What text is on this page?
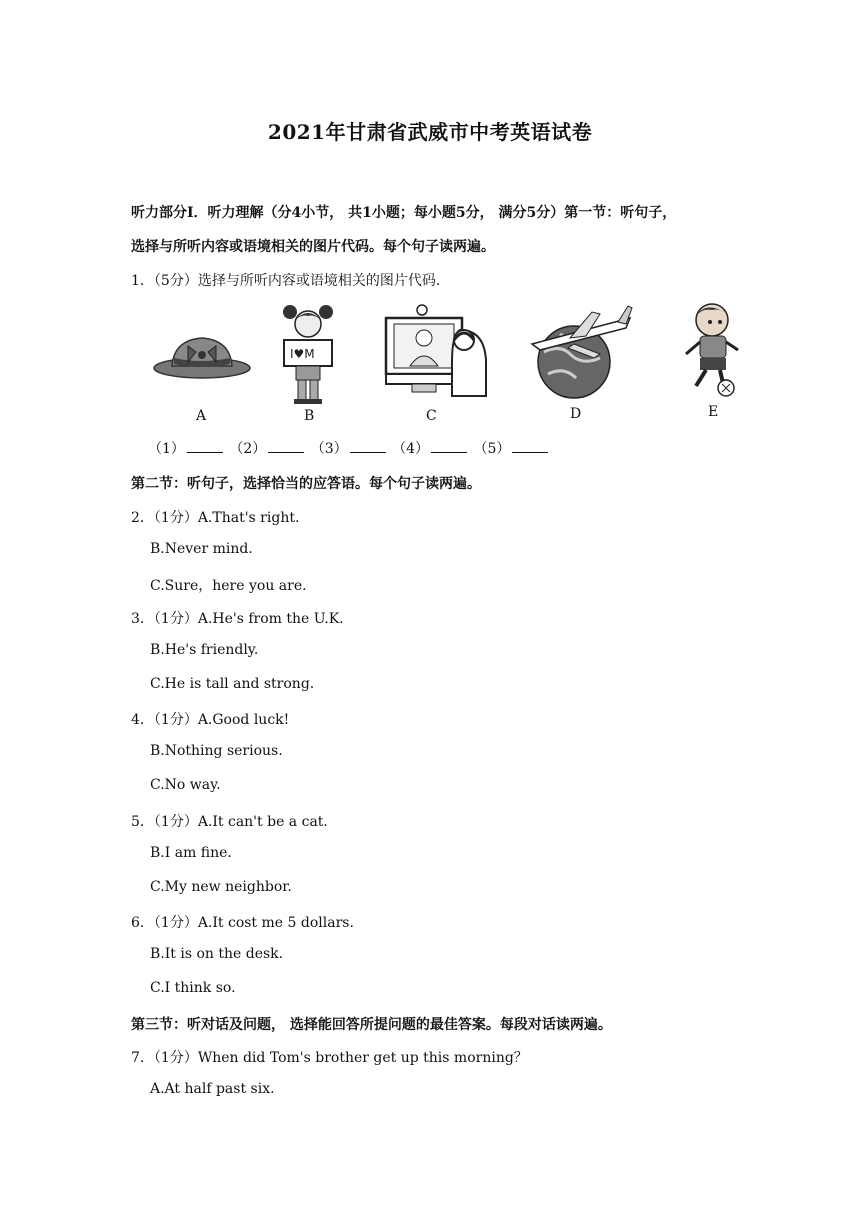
2021年甘肃省武威市中考英语试卷
听力部分Ⅰ．听力理解（分4小节， 共1小题；每小题5分， 满分5分）第一节：听句子，
选择与所听内容或语境相关的图片代码。每个句子读两遍。
1．（5分）选择与所听内容或语境相关的图片代码.
A
I♥M
B	C	D	E
（1）	（2）	（3）	（4）	（5）
第二节：听句子，选择恰当的应答语。每个句子读两遍。
2．（1分）A.That's right.
B.Never mind.
C.Sure，here you are.
3．（1分）A.He's from the U.K.
B.He's friendly.
C.He is tall and strong.
4．（1分）A.Good luck!
B.Nothing serious.
C.No way.
5．（1分）A.It can't be a cat.
B.I am fine.
C.My new neighbor.
6．（1分）A.It cost me 5 dollars.
B.It is on the desk.
C.I think so.
第三节：听对话及问题， 选择能回答所提问题的最佳答案。每段对话读两遍。
7．（1分）When did Tom's brother get up this morning？
A.At half past six.
